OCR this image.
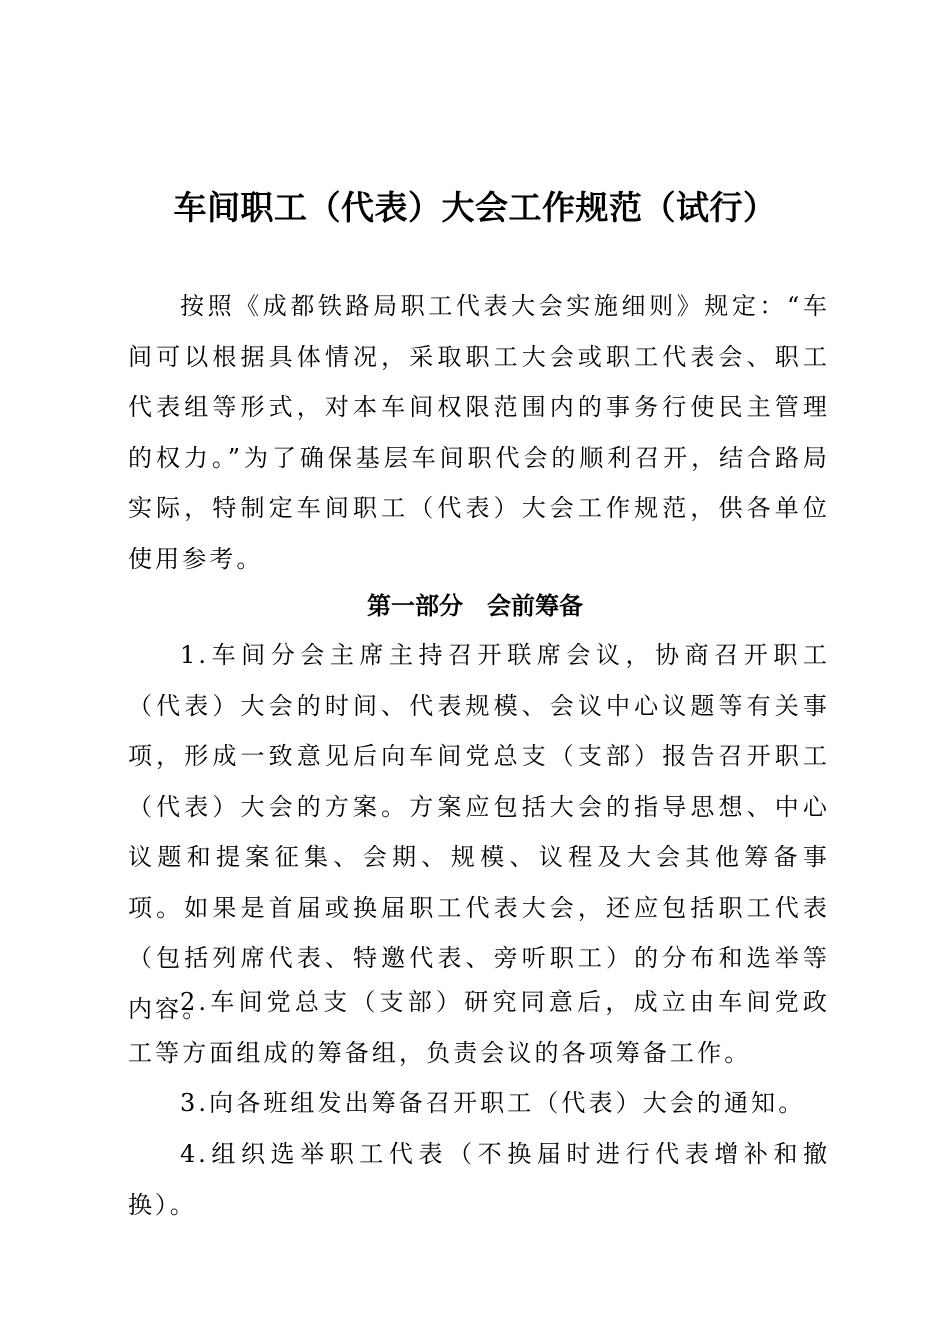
车间职工（代表）大会工作规范（试行）

按照《成都铁路局职工代表大会实施细则》规定：“车间可以根据具体情况，采取职工大会或职工代表会、职工代表组等形式，对本车间权限范围内的事务行使民主管理的权力。”为了确保基层车间职代会的顺利召开，结合路局实际，特制定车间职工（代表）大会工作规范，供各单位使用参考。

第一部分　会前筹备

1.车间分会主席主持召开联席会议，协商召开职工（代表）大会的时间、代表规模、会议中心议题等有关事项，形成一致意见后向车间党总支（支部）报告召开职工（代表）大会的方案。方案应包括大会的指导思想、中心议题和提案征集、会期、规模、议程及大会其他筹备事项。如果是首届或换届职工代表大会，还应包括职工代表（包括列席代表、特邀代表、旁听职工）的分布和选举等内容。

2.车间党总支（支部）研究同意后，成立由车间党政工等方面组成的筹备组，负责会议的各项筹备工作。

3.向各班组发出筹备召开职工（代表）大会的通知。

4.组织选举职工代表（不换届时进行代表增补和撤换）。
